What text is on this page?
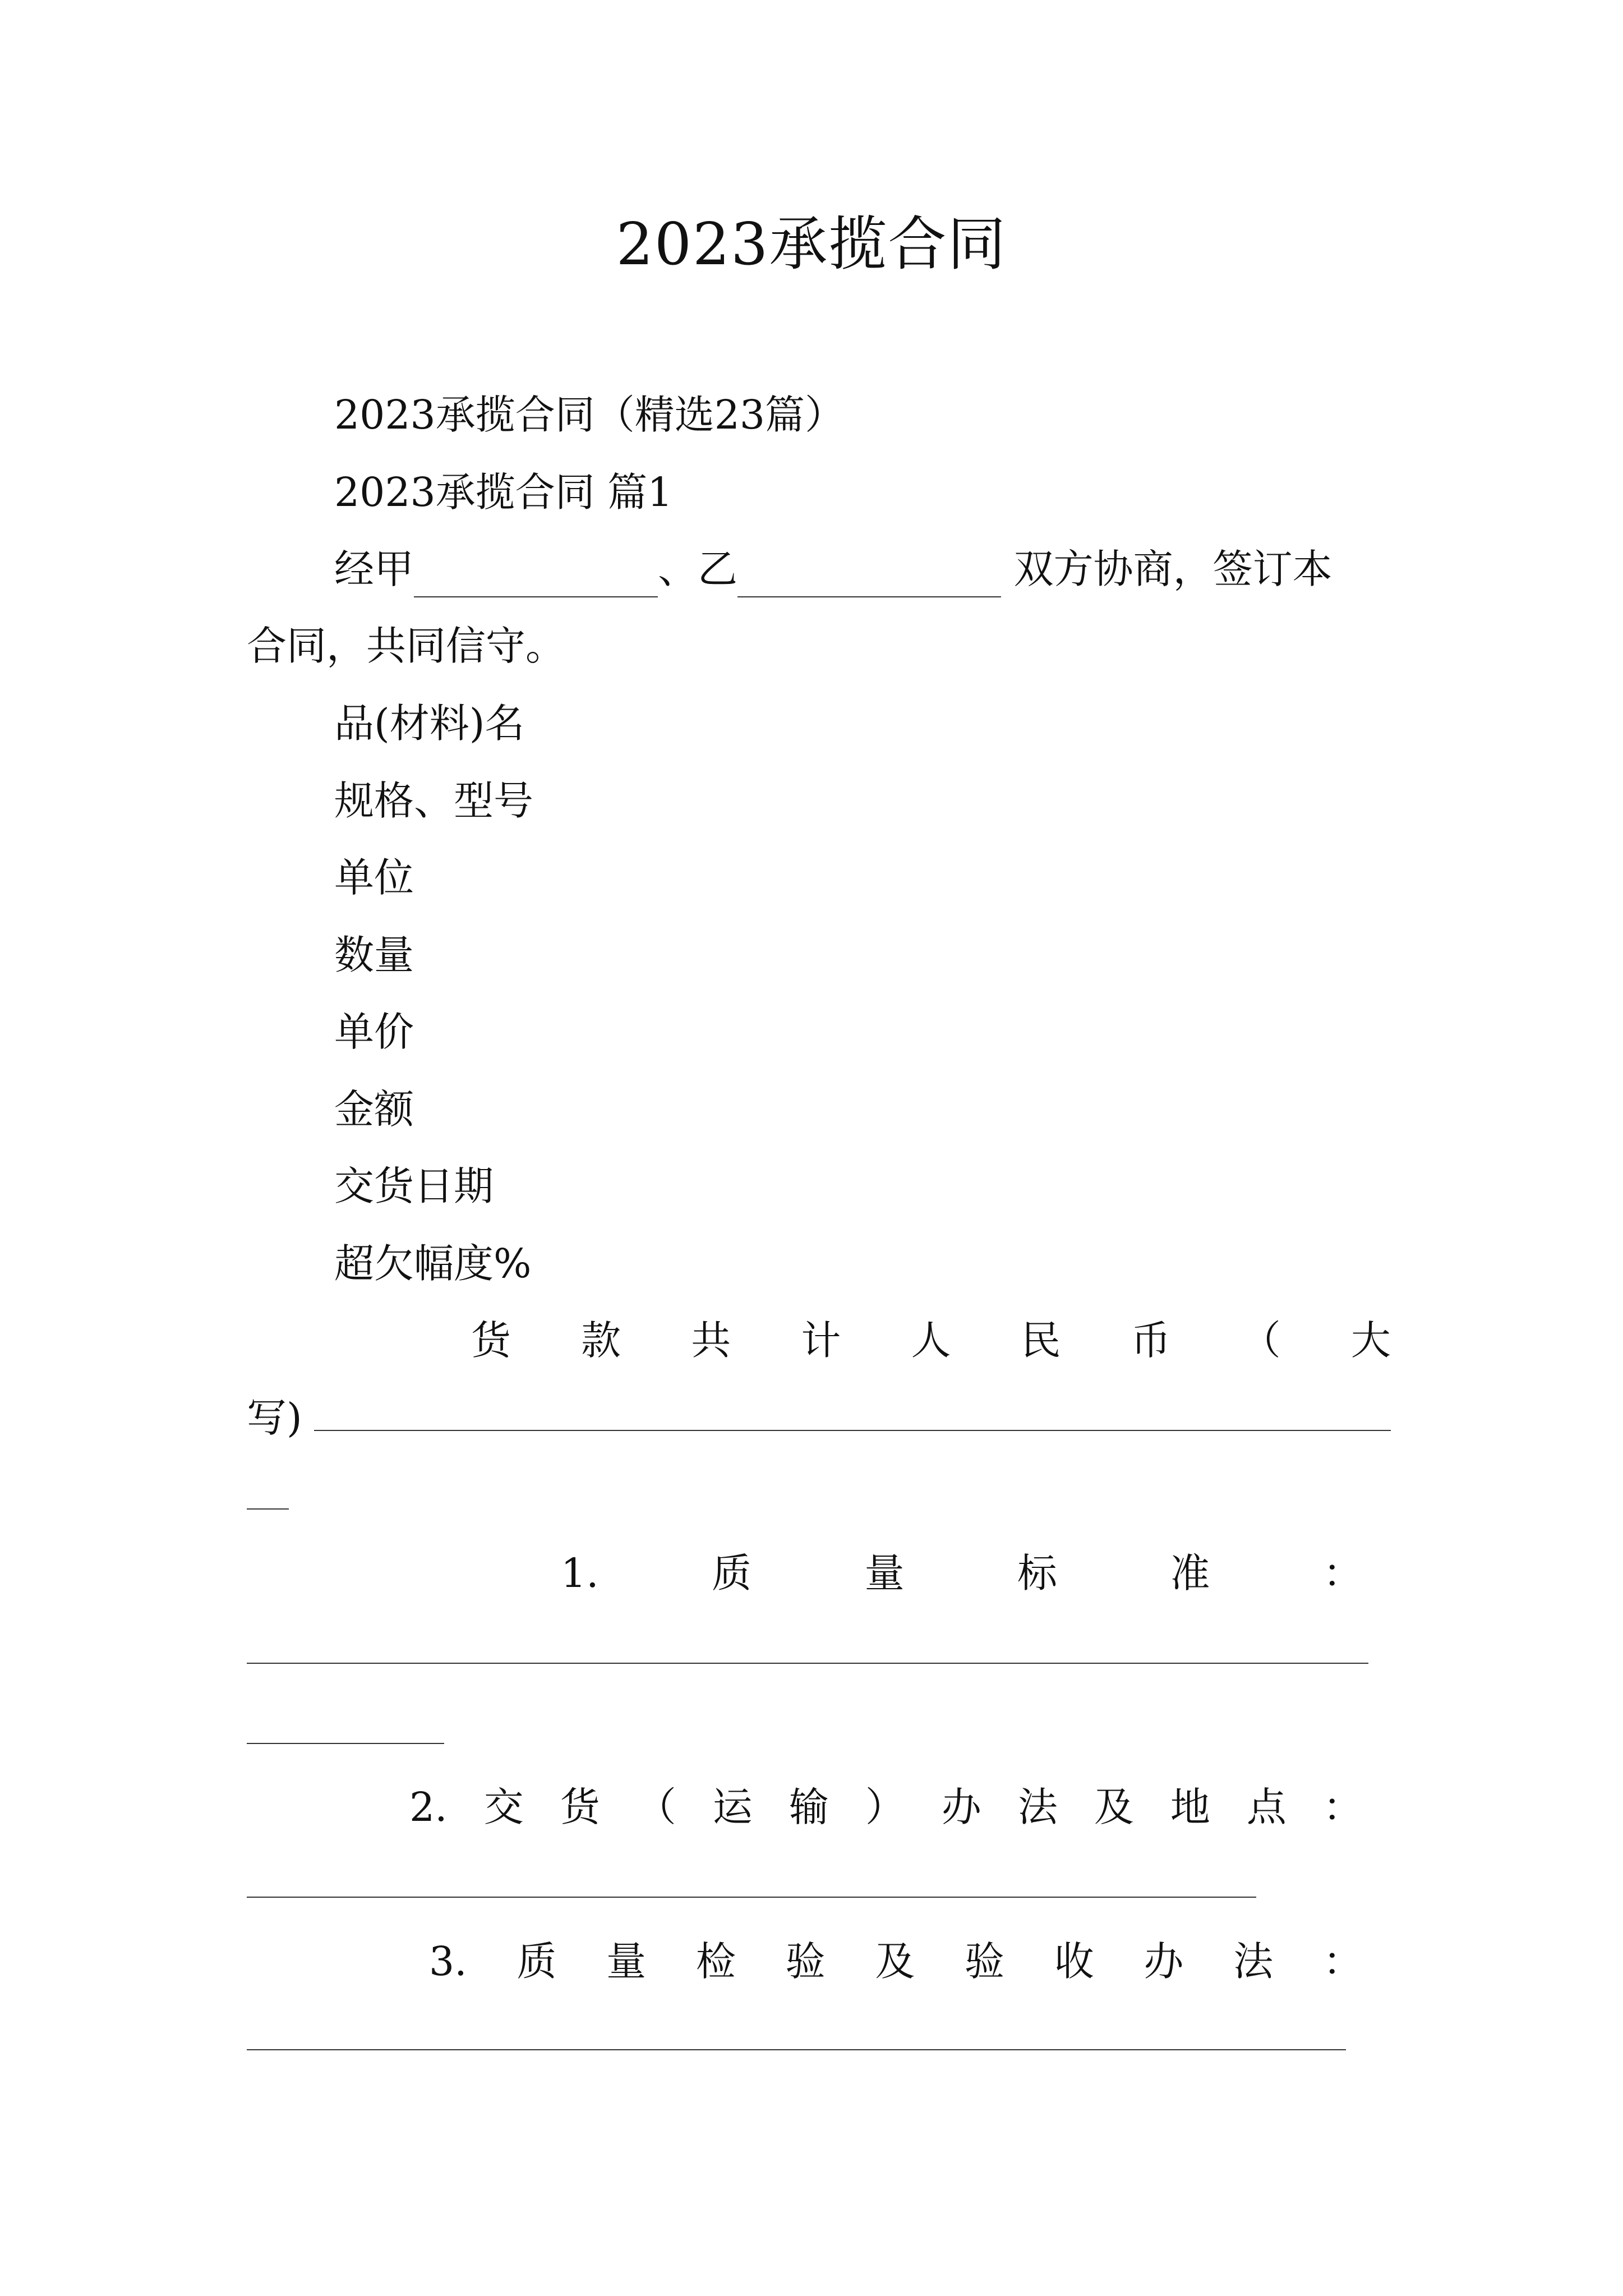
2023承揽合同
2023承揽合同（精选23篇）
2023承揽合同 篇1
经甲	、乙	双方协商，签订本
合同，共同信守。
品(材料)名
规格、型号
单位
数量
单价
金额
交货日期
超欠幅度%
货 款 共 计 人 民 币 （ 大
写)
1.	质	量	标	准	：
2. 交 货 （ 运 输 ） 办 法 及 地 点 ：
3. 质 量 检 验 及 验 收 办 法 ：
